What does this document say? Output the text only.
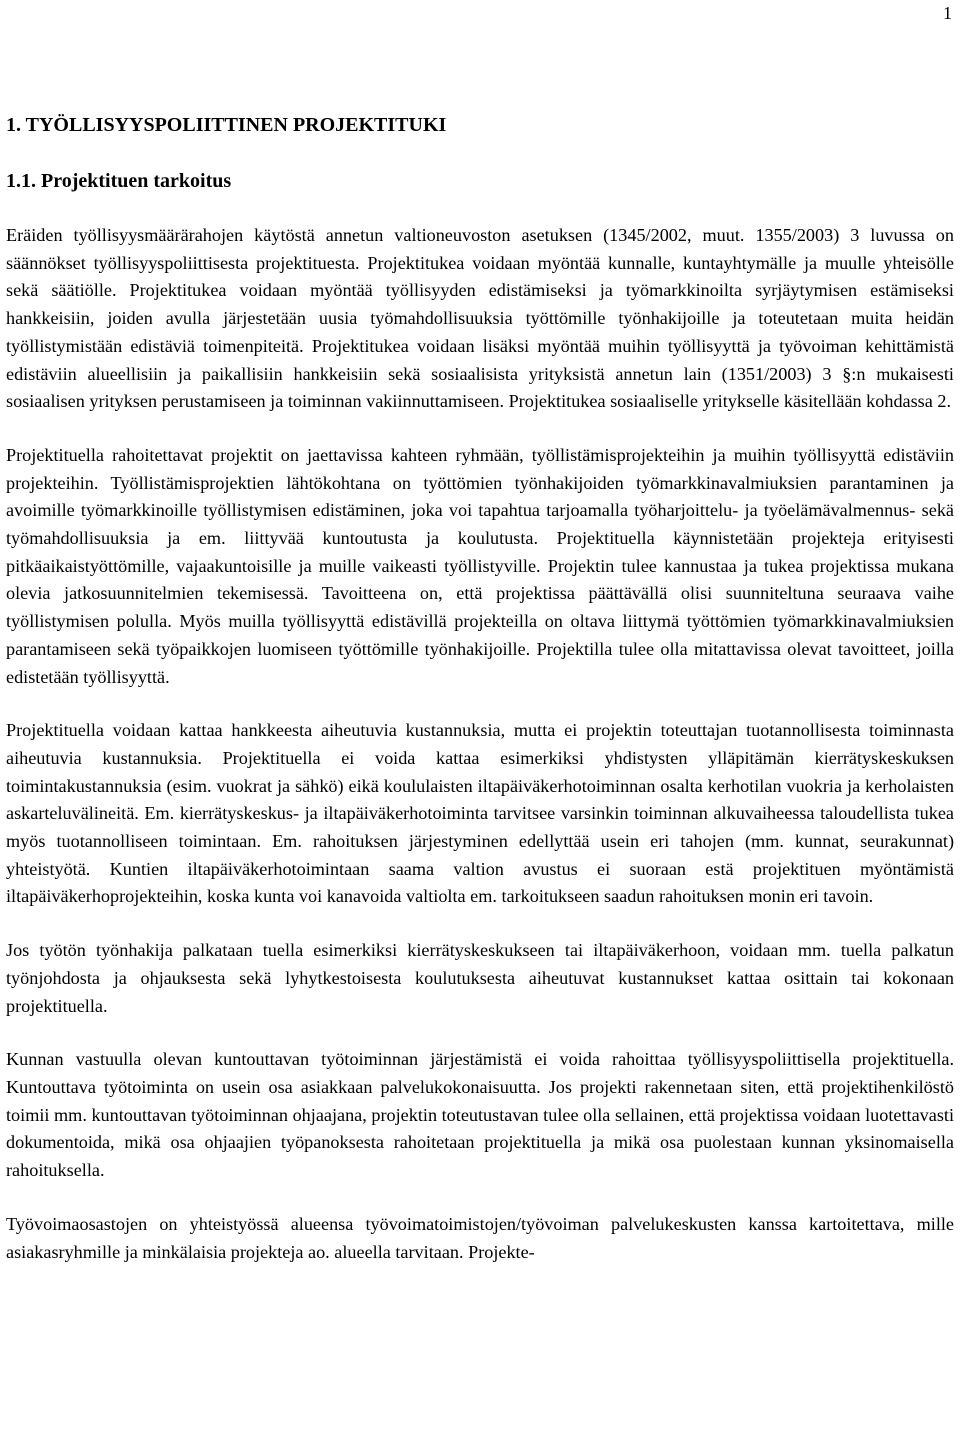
1
1. TYÖLLISYYSPOLIITTINEN PROJEKTITUKI
1.1. Projektituen tarkoitus

Eräiden työllisyysmäärärahojen käytöstä annetun valtioneuvoston asetuksen (1345/2002, muut. 1355/2003) 3 luvussa on säännökset työllisyyspoliittisesta projektituesta. Projektitukea voidaan myöntää kunnalle, kuntayhtymälle ja muulle yhteisölle sekä säätiölle. Projektitukea voidaan myöntää työllisyyden edistämiseksi ja työmarkkinoilta syrjäytymisen estämiseksi hankkeisiin, joiden avulla järjestetään uusia työmahdollisuuksia työttömille työnhakijoille ja toteutetaan muita heidän työllistymistään edistäviä toimenpiteitä. Projektitukea voidaan lisäksi myöntää muihin työllisyyttä ja työvoiman kehittämistä edistäviin alueellisiin ja paikallisiin hankkeisiin sekä sosiaalisista yrityksistä annetun lain (1351/2003) 3 §:n mukaisesti sosiaalisen yrityksen perustamiseen ja toiminnan vakiinnuttamiseen. Projektitukea sosiaaliselle yritykselle käsitellään kohdassa 2.

Projektituella rahoitettavat projektit on jaettavissa kahteen ryhmään, työllistämisprojekteihin ja muihin työllisyyttä edistäviin projekteihin. Työllistämisprojektien lähtökohtana on työttömien työnhakijoiden työmarkkinavalmiuksien parantaminen ja avoimille työmarkkinoille työllistymisen edistäminen, joka voi tapahtua tarjoamalla työharjoittelu- ja työelämävalmennus- sekä työmahdollisuuksia ja em. liittyvää kuntoutusta ja koulutusta. Projektituella käynnistetään projekteja erityisesti pitkäaikaistyöttömille, vajaakuntoisille ja muille vaikeasti työllistyville. Projektin tulee kannustaa ja tukea projektissa mukana olevia jatkosuunnitelmien tekemisessä. Tavoitteena on, että projektissa päättävällä olisi suunniteltuna seuraava vaihe työllistymisen polulla. Myös muilla työllisyyttä edistävillä projekteilla on oltava liittymä työttömien työmarkkinavalmiuksien parantamiseen sekä työpaikkojen luomiseen työttömille työnhakijoille. Projektilla tulee olla mitattavissa olevat tavoitteet, joilla edistetään työllisyyttä.

Projektituella voidaan kattaa hankkeesta aiheutuvia kustannuksia, mutta ei projektin toteuttajan tuotannollisesta toiminnasta aiheutuvia kustannuksia. Projektituella ei voida kattaa esimerkiksi yhdistysten ylläpitämän kierrätyskeskuksen toimintakustannuksia (esim. vuokrat ja sähkö) eikä koululaisten iltapäiväkerhotoiminnan osalta kerhotilan vuokria ja kerholaisten askarteluvälineitä. Em. kierrätyskeskus- ja iltapäiväkerhotoiminta tarvitsee varsinkin toiminnan alkuvaiheessa taloudellista tukea myös tuotannolliseen toimintaan. Em. rahoituksen järjestyminen edellyttää usein eri tahojen (mm. kunnat, seurakunnat) yhteistyötä. Kuntien iltapäiväkerhotoimintaan saama valtion avustus ei suoraan estä projektituen myöntämistä iltapäiväkerhoprojekteihin, koska kunta voi kanavoida valtiolta em. tarkoitukseen saadun rahoituksen monin eri tavoin.

Jos työtön työnhakija palkataan tuella esimerkiksi kierrätyskeskukseen tai iltapäiväkerhoon, voidaan mm. tuella palkatun työnjohdosta ja ohjauksesta sekä lyhytkestoisesta koulutuksesta aiheutuvat kustannukset kattaa osittain tai kokonaan projektituella.

Kunnan vastuulla olevan kuntouttavan työtoiminnan järjestämistä ei voida rahoittaa työllisyyspoliittisella projektituella. Kuntouttava työtoiminta on usein osa asiakkaan palvelukokonaisuutta. Jos projekti rakennetaan siten, että projektihenkilöstö toimii mm. kuntouttavan työtoiminnan ohjaajana, projektin toteutustavan tulee olla sellainen, että projektissa voidaan luotettavasti dokumentoida, mikä osa ohjaajien työpanoksesta rahoitetaan projektituella ja mikä osa puolestaan kunnan yksinomaisella rahoituksella.

Työvoimaosastojen on yhteistyössä alueensa työvoimatoimistojen/työvoiman palvelukeskusten kanssa kartoitettava, mille asiakasryhmille ja minkälaisia projekteja ao. alueella tarvitaan. Projekte-
